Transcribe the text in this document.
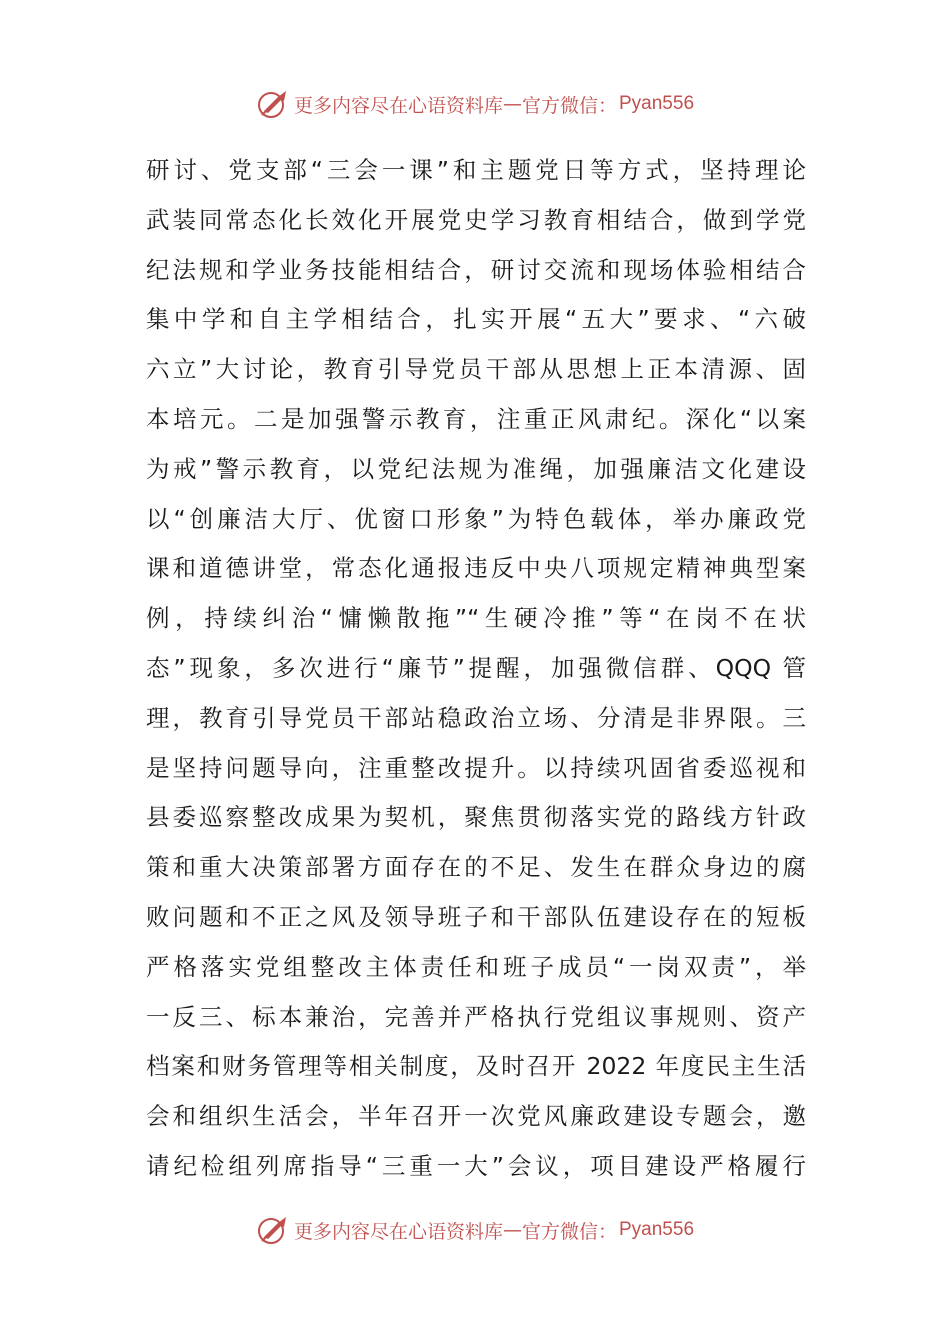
更多内容尽在心语资料库 — 官方微信： Pyan556
研讨、党支部“三会一课”和主题党日等方式，坚持理论
武装同常态化长效化开展党史学习教育相结合，做到学党
纪法规和学业务技能相结合，研讨交流和现场体验相结合
集中学和自主学相结合，扎实开展“五大”要求、“六破
六立”大讨论，教育引导党员干部从思想上正本清源、固
本培元。二是加强警示教育，注重正风肃纪。深化“以案
为戒”警示教育，以党纪法规为准绳，加强廉洁文化建设
以“创廉洁大厅、优窗口形象”为特色载体，举办廉政党
课和道德讲堂，常态化通报违反中央八项规定精神典型案
例，持续纠治“慵懒散拖”“生硬冷推”等“在岗不在状
态”现象，多次进行“廉节”提醒，加强微信群、QQQ 管
理，教育引导党员干部站稳政治立场、分清是非界限。三
是坚持问题导向，注重整改提升。以持续巩固省委巡视和
县委巡察整改成果为契机，聚焦贯彻落实党的路线方针政
策和重大决策部署方面存在的不足、发生在群众身边的腐
败问题和不正之风及领导班子和干部队伍建设存在的短板
严格落实党组整改主体责任和班子成员“一岗双责”，举
一反三、标本兼治，完善并严格执行党组议事规则、资产
档案和财务管理等相关制度，及时召开 2022 年度民主生活
会和组织生活会，半年召开一次党风廉政建设专题会，邀
请纪检组列席指导“三重一大”会议，项目建设严格履行
更多内容尽在心语资料库 — 官方微信： Pyan556
